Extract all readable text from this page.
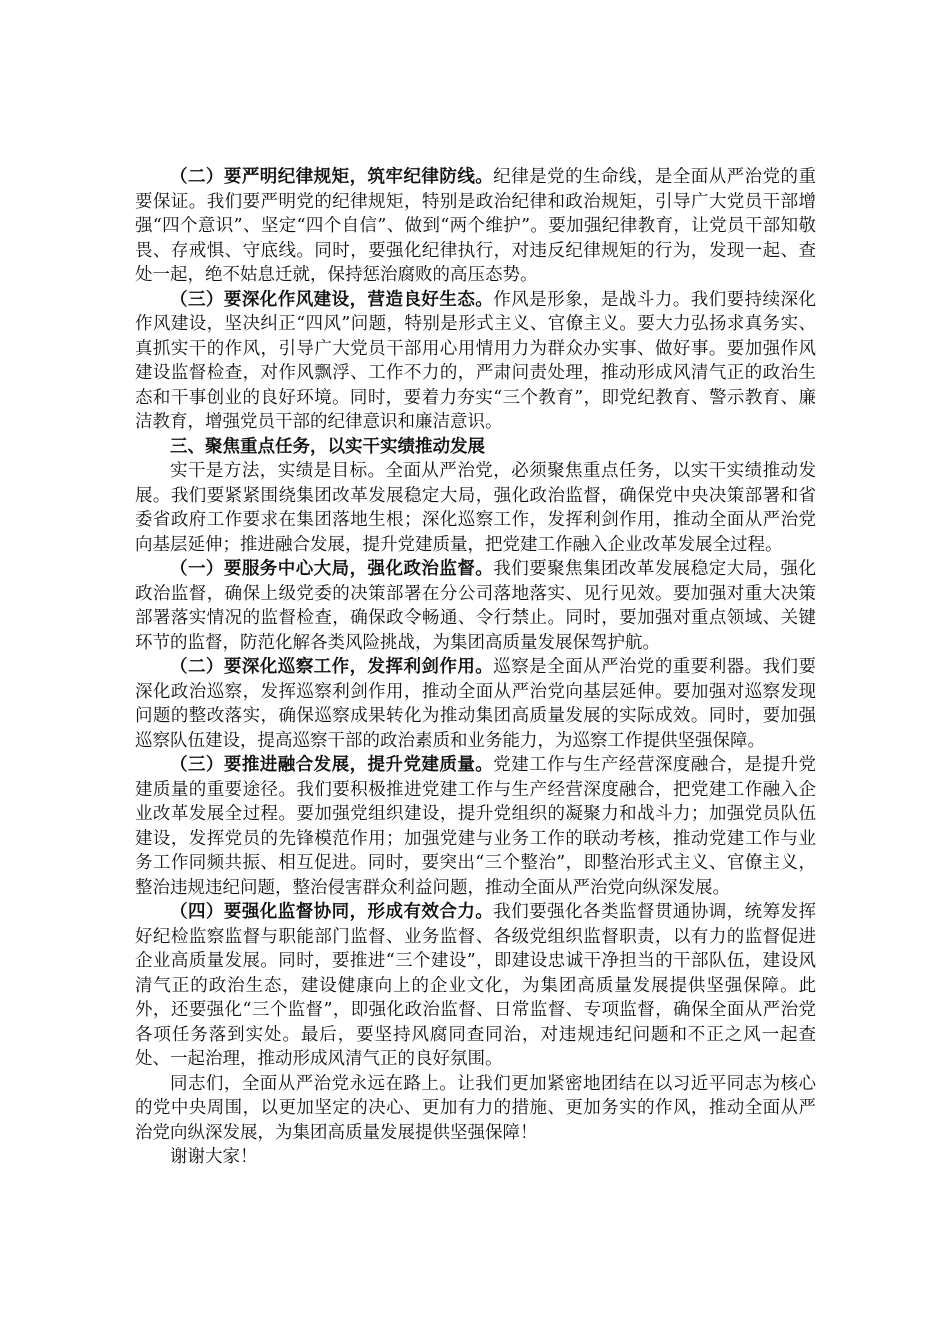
（二）要严明纪律规矩，筑牢纪律防线。纪律是党的生命线，是全面从严治党的重要保证。我们要严明党的纪律规矩，特别是政治纪律和政治规矩，引导广大党员干部增强“四个意识”、坚定“四个自信”、做到“两个维护”。要加强纪律教育，让党员干部知敬畏、存戒惧、守底线。同时，要强化纪律执行，对违反纪律规矩的行为，发现一起、查处一起，绝不姑息迁就，保持惩治腐败的高压态势。

（三）要深化作风建设，营造良好生态。作风是形象，是战斗力。我们要持续深化作风建设，坚决纠正“四风”问题，特别是形式主义、官僚主义。要大力弘扬求真务实、真抓实干的作风，引导广大党员干部用心用情用力为群众办实事、做好事。要加强作风建设监督检查，对作风飘浮、工作不力的，严肃问责处理，推动形成风清气正的政治生态和干事创业的良好环境。同时，要着力夯实“三个教育”，即党纪教育、警示教育、廉洁教育，增强党员干部的纪律意识和廉洁意识。

三、聚焦重点任务，以实干实绩推动发展

实干是方法，实绩是目标。全面从严治党，必须聚焦重点任务，以实干实绩推动发展。我们要紧紧围绕集团改革发展稳定大局，强化政治监督，确保党中央决策部署和省委省政府工作要求在集团落地生根；深化巡察工作，发挥利剑作用，推动全面从严治党向基层延伸；推进融合发展，提升党建质量，把党建工作融入企业改革发展全过程。

（一）要服务中心大局，强化政治监督。我们要聚焦集团改革发展稳定大局，强化政治监督，确保上级党委的决策部署在分公司落地落实、见行见效。要加强对重大决策部署落实情况的监督检查，确保政令畅通、令行禁止。同时，要加强对重点领域、关键环节的监督，防范化解各类风险挑战，为集团高质量发展保驾护航。

（二）要深化巡察工作，发挥利剑作用。巡察是全面从严治党的重要利器。我们要深化政治巡察，发挥巡察利剑作用，推动全面从严治党向基层延伸。要加强对巡察发现问题的整改落实，确保巡察成果转化为推动集团高质量发展的实际成效。同时，要加强巡察队伍建设，提高巡察干部的政治素质和业务能力，为巡察工作提供坚强保障。

（三）要推进融合发展，提升党建质量。党建工作与生产经营深度融合，是提升党建质量的重要途径。我们要积极推进党建工作与生产经营深度融合，把党建工作融入企业改革发展全过程。要加强党组织建设，提升党组织的凝聚力和战斗力；加强党员队伍建设，发挥党员的先锋模范作用；加强党建与业务工作的联动考核，推动党建工作与业务工作同频共振、相互促进。同时，要突出“三个整治”，即整治形式主义、官僚主义，整治违规违纪问题，整治侵害群众利益问题，推动全面从严治党向纵深发展。

（四）要强化监督协同，形成有效合力。我们要强化各类监督贯通协调，统筹发挥好纪检监察监督与职能部门监督、业务监督、各级党组织监督职责，以有力的监督促进企业高质量发展。同时，要推进“三个建设”，即建设忠诚干净担当的干部队伍，建设风清气正的政治生态，建设健康向上的企业文化，为集团高质量发展提供坚强保障。此外，还要强化“三个监督”，即强化政治监督、日常监督、专项监督，确保全面从严治党各项任务落到实处。最后，要坚持风腐同查同治，对违规违纪问题和不正之风一起查处、一起治理，推动形成风清气正的良好氛围。

同志们，全面从严治党永远在路上。让我们更加紧密地团结在以习近平同志为核心的党中央周围，以更加坚定的决心、更加有力的措施、更加务实的作风，推动全面从严治党向纵深发展，为集团高质量发展提供坚强保障！

谢谢大家！
